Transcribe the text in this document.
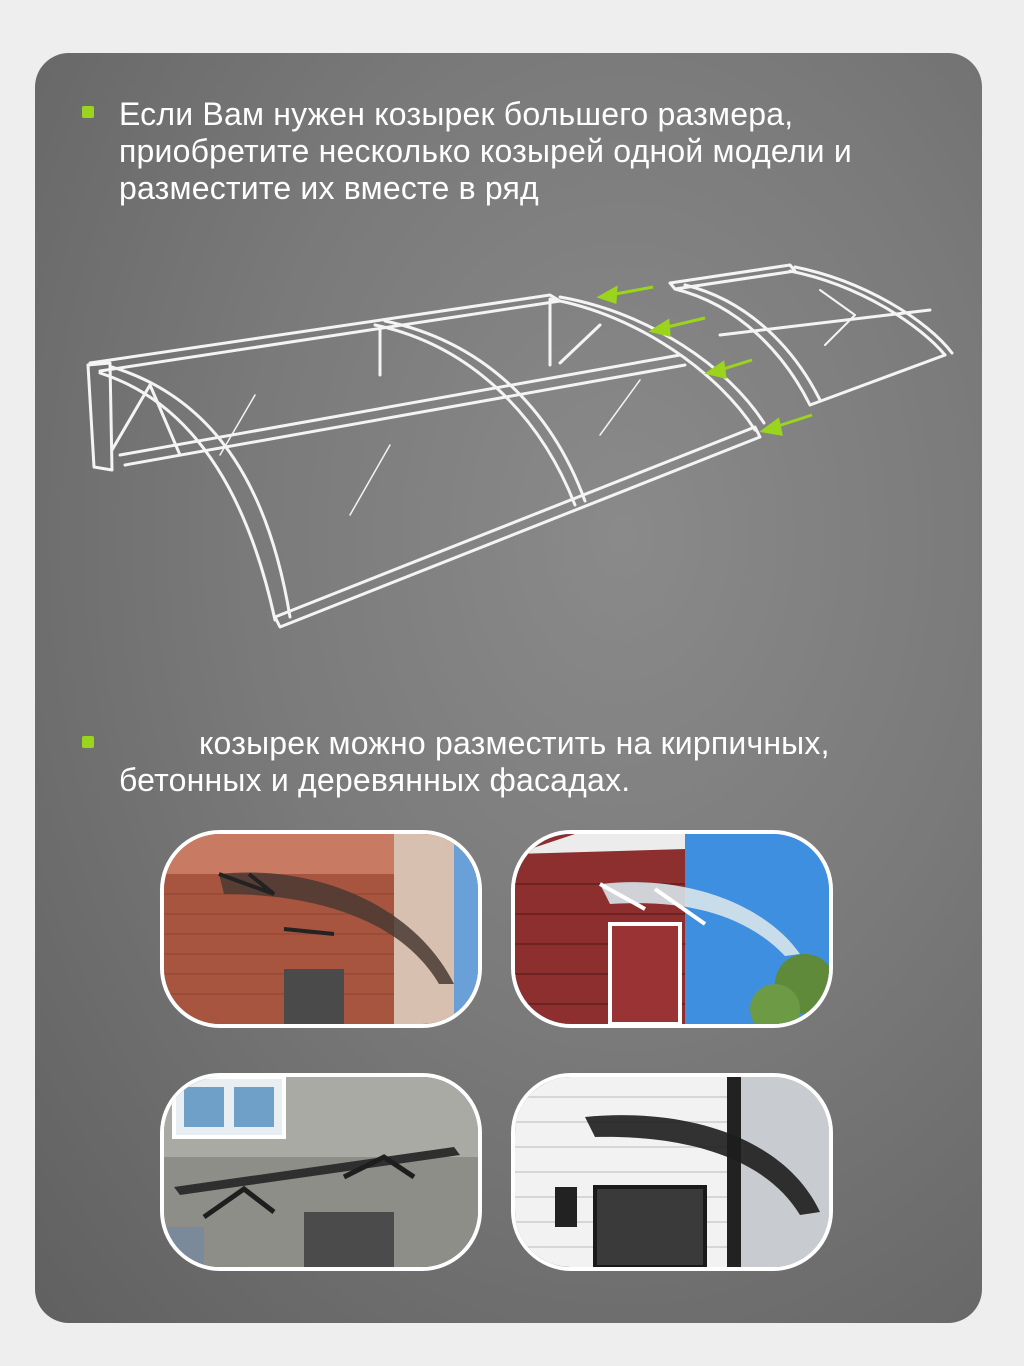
Если Вам нужен козырек большего размера,
приобретите несколько козырей одной модели и
разместите их вместе в ряд
козырек можно разместить на кирпичных,
бетонных и деревянных фасадах.
